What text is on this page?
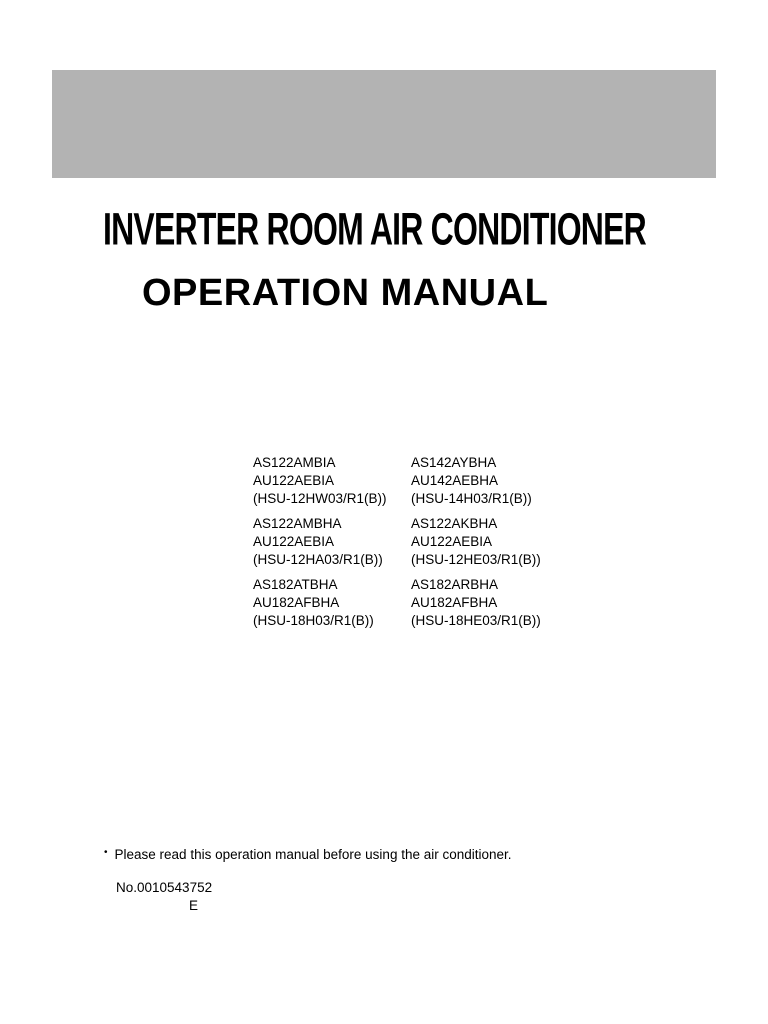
INVERTER ROOM AIR CONDITIONER
OPERATION MANUAL
AS122AMBIA
AU122AEBIA
(HSU-12HW03/R1(B))
AS142AYBHA
AU142AEBHA
(HSU-14H03/R1(B))
AS122AMBHA
AU122AEBIA
(HSU-12HA03/R1(B))
AS122AKBHA
AU122AEBIA
(HSU-12HE03/R1(B))
AS182ATBHA
AU182AFBHA
(HSU-18H03/R1(B))
AS182ARBHA
AU182AFBHA
(HSU-18HE03/R1(B))
• Please read this operation manual before using the air conditioner.
No.0010543752
E
